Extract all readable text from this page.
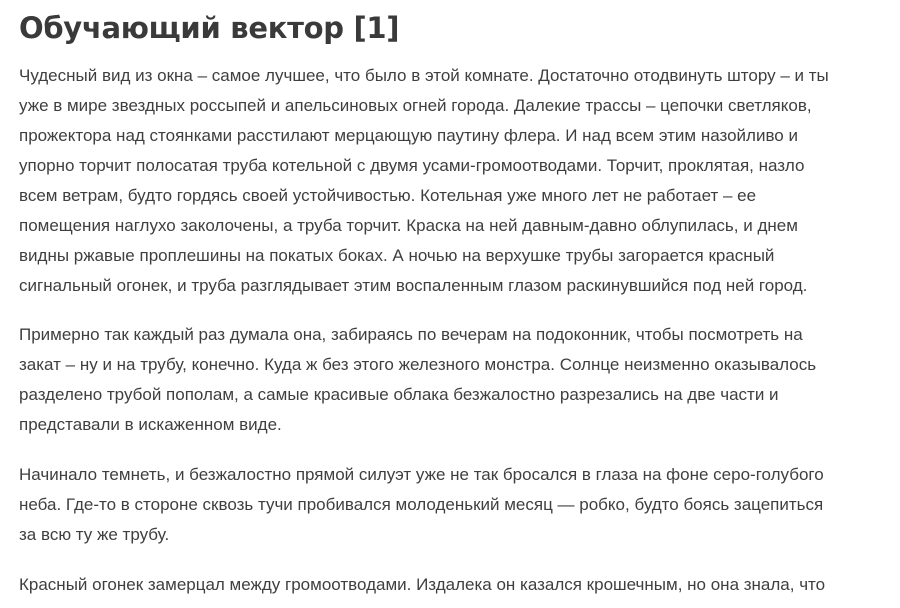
Обучающий вектор [1]

Чудесный вид из окна – самое лучшее, что было в этой комнате. Достаточно отодвинуть штору – и ты
уже в мире звездных россыпей и апельсиновых огней города. Далекие трассы – цепочки светляков,
прожектора над стоянками расстилают мерцающую паутину флера. И над всем этим назойливо и
упорно торчит полосатая труба котельной с двумя усами-громоотводами. Торчит, проклятая, назло
всем ветрам, будто гордясь своей устойчивостью. Котельная уже много лет не работает – ее
помещения наглухо заколочены, а труба торчит. Краска на ней давным-давно облупилась, и днем
видны ржавые проплешины на покатых боках. А ночью на верхушке трубы загорается красный
сигнальный огонек, и труба разглядывает этим воспаленным глазом раскинувшийся под ней город.

Примерно так каждый раз думала она, забираясь по вечерам на подоконник, чтобы посмотреть на
закат – ну и на трубу, конечно. Куда ж без этого железного монстра. Солнце неизменно оказывалось
разделено трубой пополам, а самые красивые облака безжалостно разрезались на две части и
представали в искаженном виде.

Начинало темнеть, и безжалостно прямой силуэт уже не так бросался в глаза на фоне серо-голубого
неба. Где-то в стороне сквозь тучи пробивался молоденький месяц — робко, будто боясь зацепиться
за всю ту же трубу.

Красный огонек замерцал между громоотводами. Издалека он казался крошечным, но она знала, что
